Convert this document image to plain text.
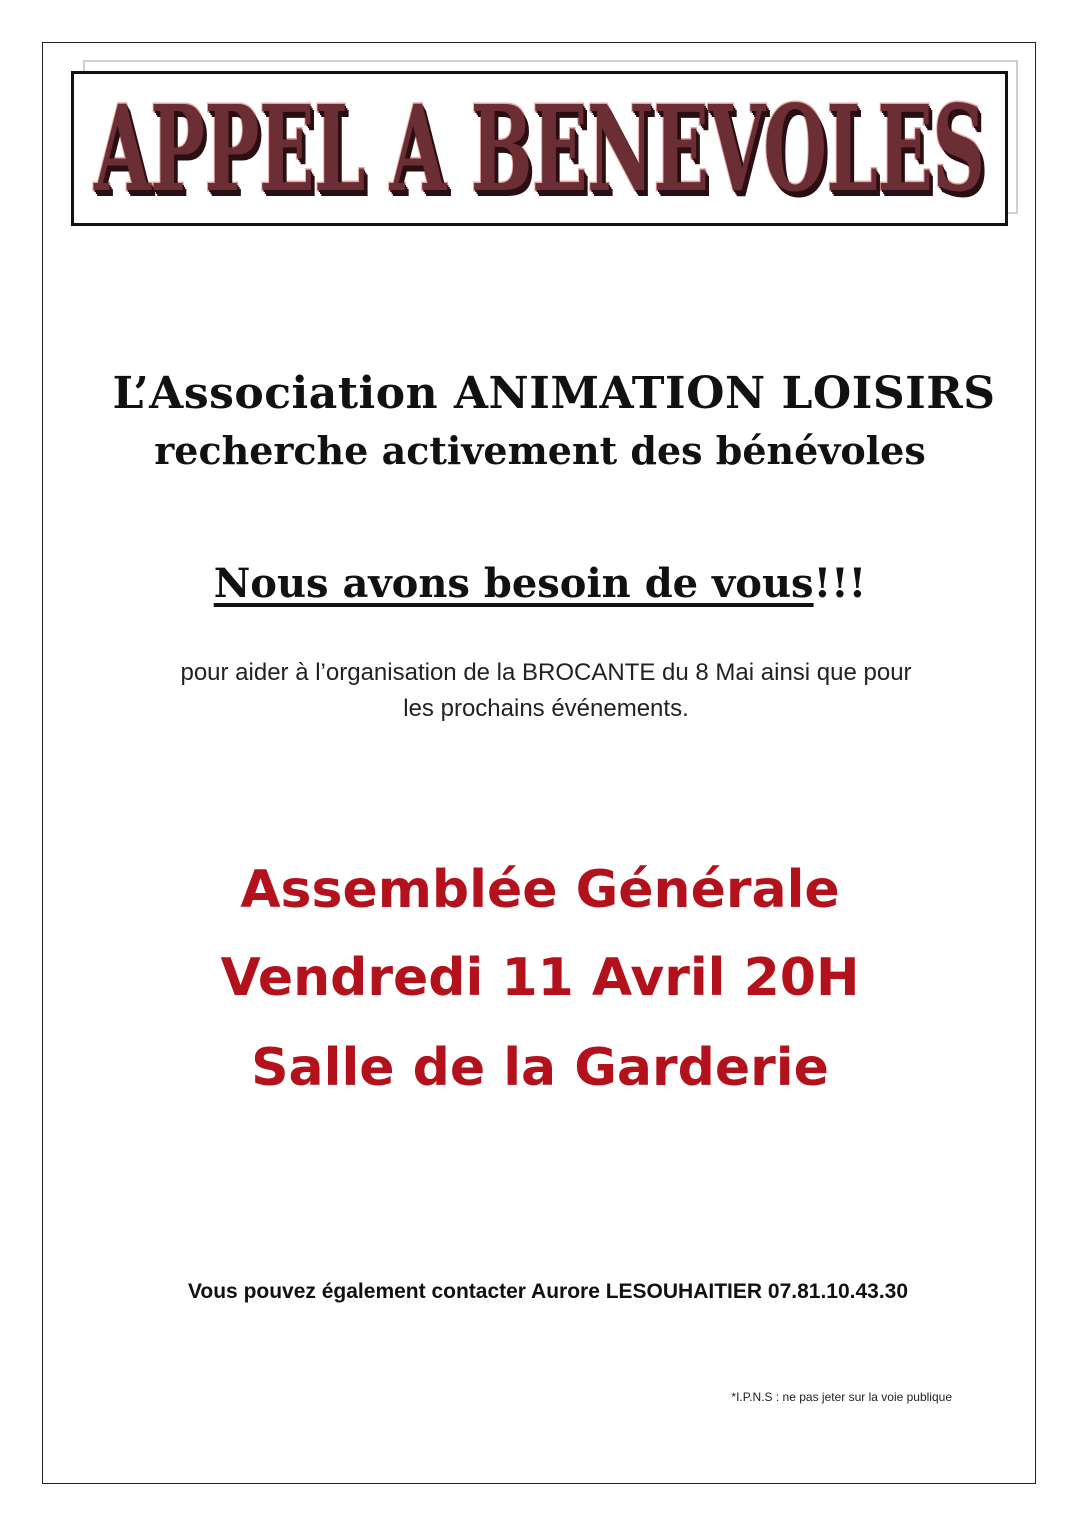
APPEL A BENEVOLES
L’Association ANIMATION LOISIRS
recherche activement des bénévoles
Nous avons besoin de vous!!!
pour aider à l’organisation de la BROCANTE du 8 Mai ainsi que pour
les prochains événements.
Assemblée Générale
Vendredi 11 Avril 20H
Salle de la Garderie
Vous pouvez également contacter Aurore LESOUHAITIER 07.81.10.43.30
*I.P.N.S : ne pas jeter sur la voie publique
